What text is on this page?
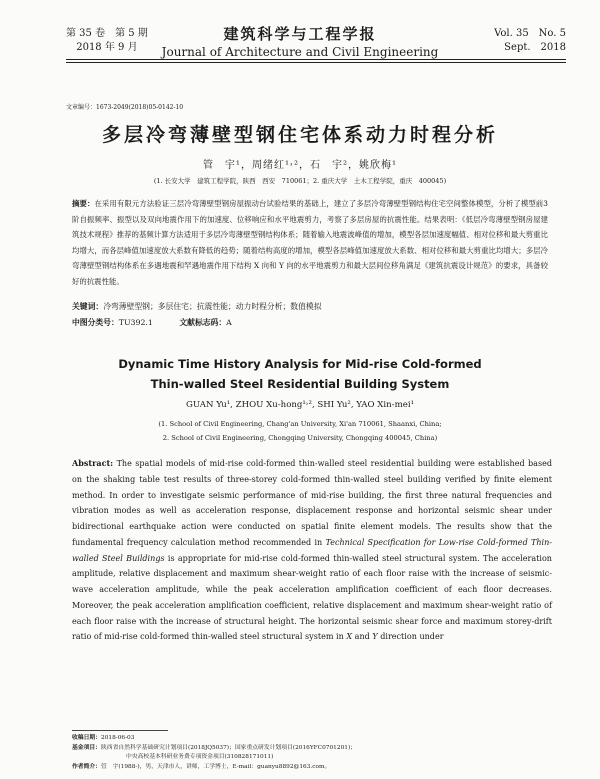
第 35 卷　第 5 期
2018 年 9 月
建筑科学与工程学报
Journal of Architecture and Civil Engineering
Vol. 35　No. 5
Sept.　2018
文章编号：1673-2049(2018)05-0142-10
多层冷弯薄壁型钢住宅体系动力时程分析
管　宇¹，周绪红¹˒²，石　宇²，姚欣梅¹
(1. 长安大学　建筑工程学院，陕西　西安　710061；2. 重庆大学　土木工程学院，重庆　400045)
摘要：在采用有限元方法验证三层冷弯薄壁型钢房屋振动台试验结果的基础上，建立了多层冷弯薄壁型钢结构住宅空间整体模型，分析了模型前3阶自振频率、振型以及双向地震作用下的加速度、位移响应和水平地震剪力，考察了多层房屋的抗震性能。结果表明：《低层冷弯薄壁型钢房屋建筑技术规程》推荐的基频计算方法适用于多层冷弯薄壁型钢结构体系；随着输入地震波峰值的增加，模型各层加速度幅值、相对位移和最大剪重比均增大，而各层峰值加速度放大系数有降低的趋势；随着结构高度的增加，模型各层峰值加速度放大系数、相对位移和最大剪重比均增大；多层冷弯薄壁型钢结构体系在多遇地震和罕遇地震作用下结构 X 向和 Y 向的水平地震剪力和最大层间位移角满足《建筑抗震设计规范》的要求，具备较好的抗震性能。
关键词：冷弯薄壁型钢；多层住宅；抗震性能；动力时程分析；数值模拟
中图分类号：TU392.1	文献标志码：A
Dynamic Time History Analysis for Mid-rise Cold-formed
Thin-walled Steel Residential Building System
GUAN Yu¹, ZHOU Xu-hong¹˒², SHI Yu², YAO Xin-mei¹
(1. School of Civil Engineering, Chang'an University, Xi'an 710061, Shaanxi, China;
2. School of Civil Engineering, Chongqing University, Chongqing 400045, China)
Abstract: The spatial models of mid-rise cold-formed thin-walled steel residential building were established based on the shaking table test results of three-storey cold-formed thin-walled steel building verified by finite element method. In order to investigate seismic performance of mid-rise building, the first three natural frequencies and vibration modes as well as acceleration response, displacement response and horizontal seismic shear under bidirectional earthquake action were conducted on spatial finite element models. The results show that the fundamental frequency calculation method recommended in Technical Specification for Low-rise Cold-formed Thin-walled Steel Buildings is appropriate for mid-rise cold-formed thin-walled steel structural system. The acceleration amplitude, relative displacement and maximum shear-weight ratio of each floor raise with the increase of seismic-wave acceleration amplitude, while the peak acceleration amplification coefficient of each floor decreases. Moreover, the peak acceleration amplification coefficient, relative displacement and maximum shear-weight ratio of each floor raise with the increase of structural height. The horizontal seismic shear force and maximum storey-drift ratio of mid-rise cold-formed thin-walled steel structural system in X and Y direction under
收稿日期：2018-06-03
基金项目：陕西省自然科学基础研究计划项目(2018JQ5037)；国家重点研发计划项目(2016YFC0701201)；
中央高校基本科研业务费专项资金项目(310828171011)
作者简介：管　宇(1988-)，男，天津市人，讲师，工学博士，E-mail：guanyu8892@163.com。
